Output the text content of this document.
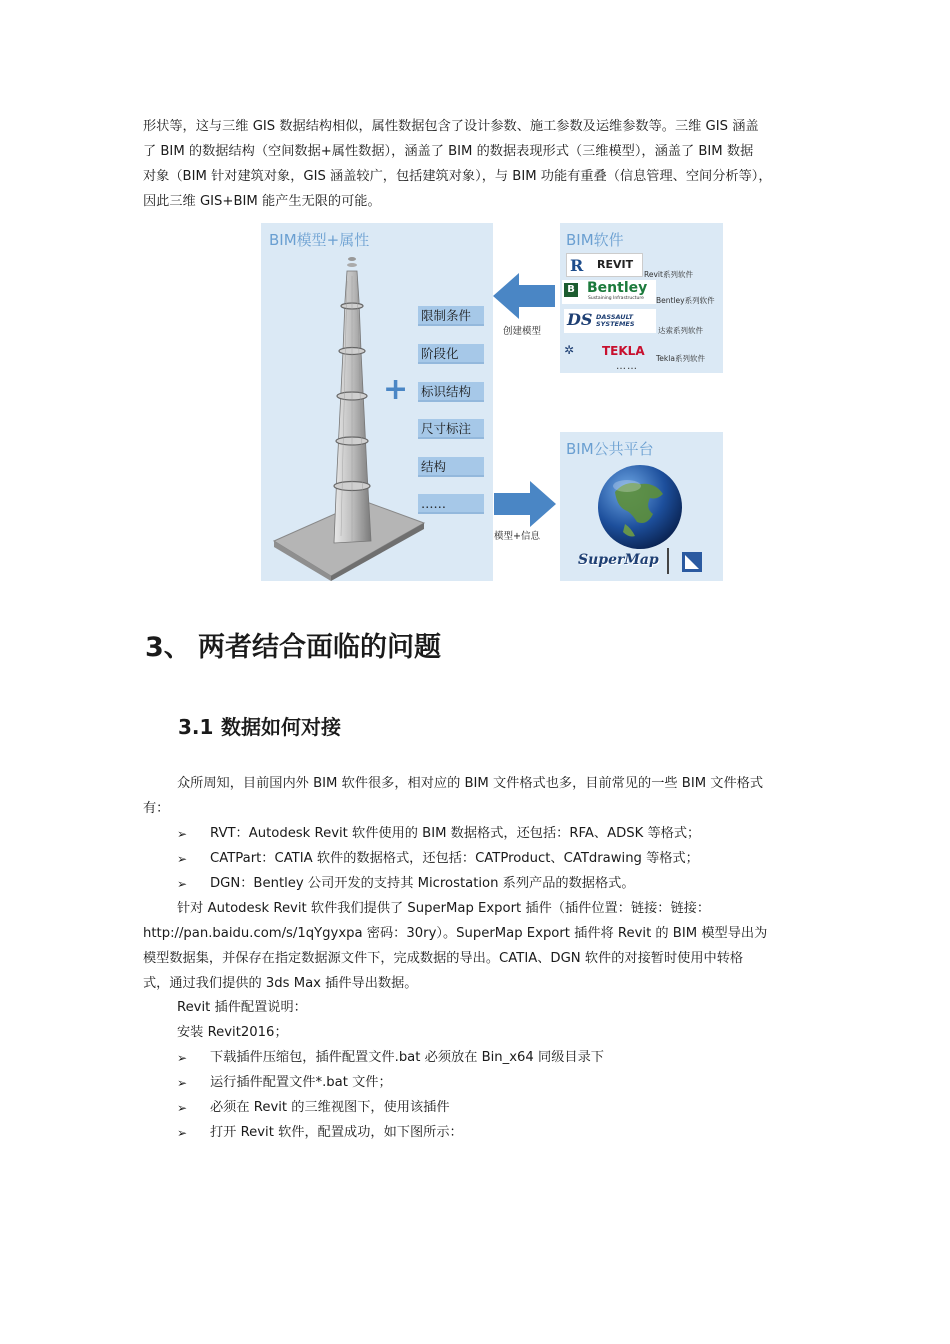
形状等，这与三维 GIS 数据结构相似，属性数据包含了设计参数、施工参数及运维参数等。三维 GIS 涵盖
了 BIM 的数据结构（空间数据+属性数据），涵盖了 BIM 的数据表现形式（三维模型），涵盖了 BIM 数据
对象（BIM 针对建筑对象，GIS 涵盖较广，包括建筑对象），与 BIM 功能有重叠（信息管理、空间分析等），
因此三维 GIS+BIM 能产生无限的可能。
BIM模型+属性
+
限制条件
阶段化
标识结构
尺寸标注
结构
……
创建模型
模型+信息
BIM软件
R REVIT
Revit系列软件
B Bentley
Sustaining Infrastructure Bentley系列软件
DS DASSAULT SYSTEMES
达索系列软件
✲ TEKLA
Tekla系列软件
……
BIM公共平台
SuperMap
3、 两者结合面临的问题
3.1 数据如何对接
众所周知，目前国内外 BIM 软件很多，相对应的 BIM 文件格式也多，目前常见的一些 BIM 文件格式
有：
➢ RVT：Autodesk Revit 软件使用的 BIM 数据格式，还包括：RFA、ADSK 等格式；
➢ CATPart：CATIA 软件的数据格式，还包括：CATProduct、CATdrawing 等格式；
➢ DGN：Bentley 公司开发的支持其 Microstation 系列产品的数据格式。
针对 Autodesk Revit 软件我们提供了 SuperMap Export 插件（插件位置：链接：链接：
http://pan.baidu.com/s/1qYgyxpa 密码：30ry）。SuperMap Export 插件将 Revit 的 BIM 模型导出为
模型数据集，并保存在指定数据源文件下，完成数据的导出。CATIA、DGN 软件的对接暂时使用中转格
式，通过我们提供的 3ds Max 插件导出数据。
Revit 插件配置说明：
安装 Revit2016；
➢ 下载插件压缩包，插件配置文件.bat 必须放在 Bin_x64 同级目录下
➢ 运行插件配置文件*.bat 文件；
➢ 必须在 Revit 的三维视图下，使用该插件
➢ 打开 Revit 软件，配置成功，如下图所示：
